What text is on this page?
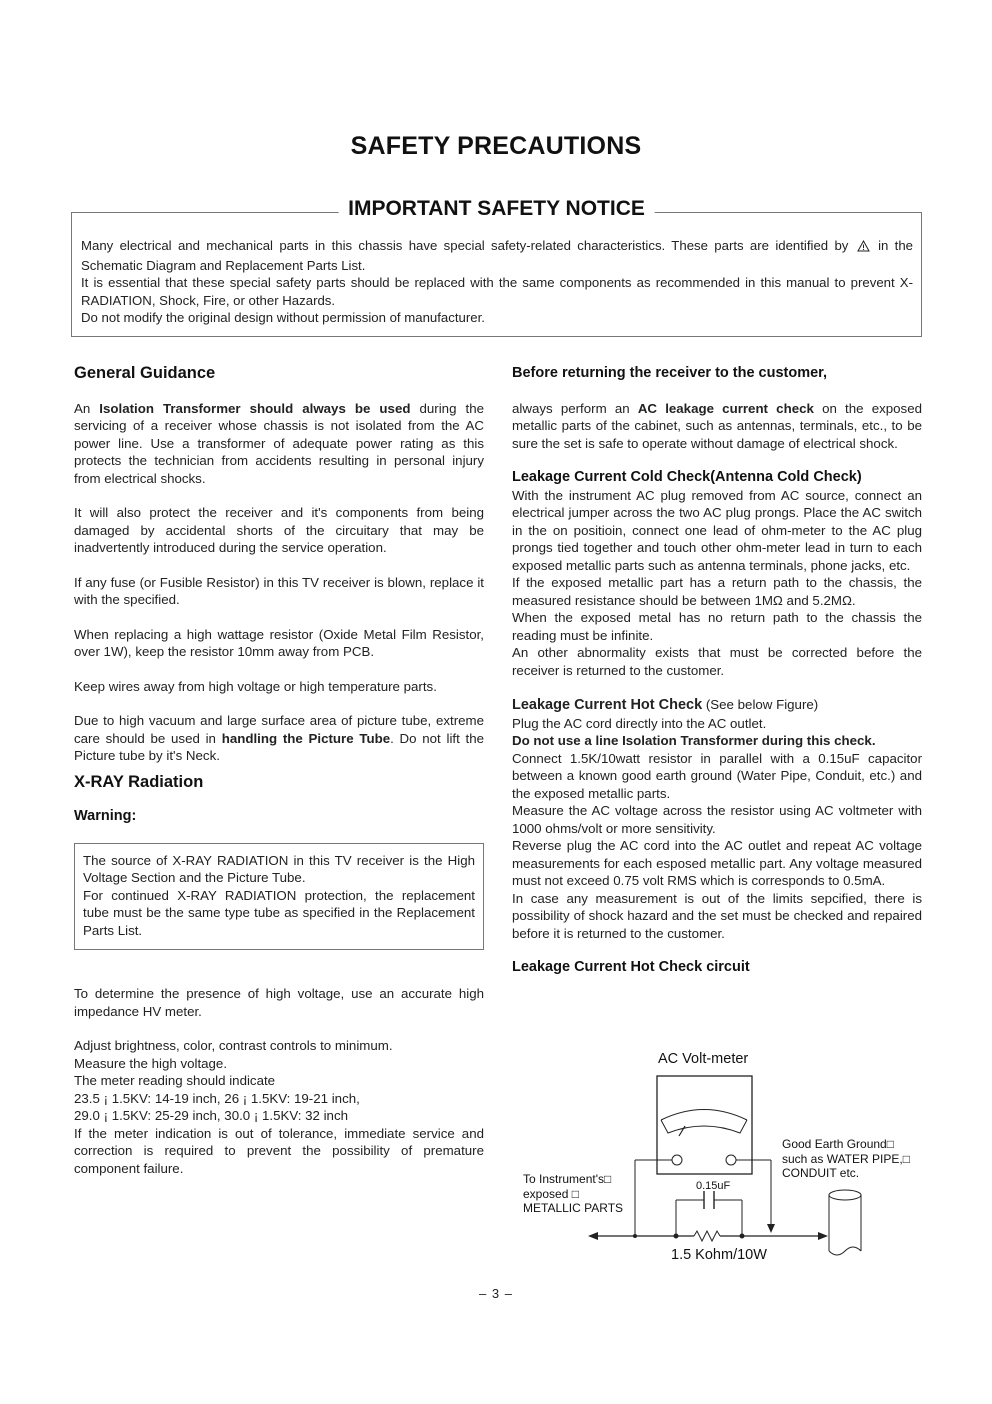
SAFETY PRECAUTIONS
IMPORTANT SAFETY NOTICE

Many electrical and mechanical parts in this chassis have special safety-related characteristics. These parts are identified by in the Schematic Diagram and Replacement Parts List.

It is essential that these special safety parts should be replaced with the same components as recommended in this manual to prevent X-RADIATION, Shock, Fire, or other Hazards.

Do not modify the original design without permission of manufacturer.

General Guidance

An Isolation Transformer should always be used during the servicing of a receiver whose chassis is not isolated from the AC power line. Use a transformer of adequate power rating as this protects the technician from accidents resulting in personal injury from electrical shocks.

It will also protect the receiver and it's components from being damaged by accidental shorts of the circuitary that may be inadvertently introduced during the service operation.

If any fuse (or Fusible Resistor) in this TV receiver is blown, replace it with the specified.

When replacing a high wattage resistor (Oxide Metal Film Resistor, over 1W), keep the resistor 10mm away from PCB.

Keep wires away from high voltage or high temperature parts.

Due to high vacuum and large surface area of picture tube, extreme care should be used in handling the Picture Tube. Do not lift the Picture tube by it's Neck.

X-RAY Radiation
Warning:

The source of X-RAY RADIATION in this TV receiver is the High Voltage Section and the Picture Tube.

For continued X-RAY RADIATION protection, the replacement tube must be the same type tube as specified in the Replacement Parts List.

To determine the presence of high voltage, use an accurate high impedance HV meter.

Adjust brightness, color, contrast controls to minimum.

Measure the high voltage.

The meter reading should indicate

23.5 ¡ 1.5KV: 14-19 inch, 26 ¡ 1.5KV: 19-21 inch,

29.0 ¡ 1.5KV: 25-29 inch, 30.0 ¡ 1.5KV: 32 inch

If the meter indication is out of tolerance, immediate service and correction is required to prevent the possibility of premature component failure.

Before returning the receiver to the customer,

always perform an AC leakage current check on the exposed metallic parts of the cabinet, such as antennas, terminals, etc., to be sure the set is safe to operate without damage of electrical shock.

Leakage Current Cold Check(Antenna Cold Check)

With the instrument AC plug removed from AC source, connect an electrical jumper across the two AC plug prongs. Place the AC switch in the on positioin, connect one lead of ohm-meter to the AC plug prongs tied together and touch other ohm-meter lead in turn to each exposed metallic parts such as antenna terminals, phone jacks, etc.

If the exposed metallic part has a return path to the chassis, the measured resistance should be between 1MΩ and 5.2MΩ.

When the exposed metal has no return path to the chassis the reading must be infinite.

An other abnormality exists that must be corrected before the receiver is returned to the customer.

Leakage Current Hot Check (See below Figure)

Plug the AC cord directly into the AC outlet.

Do not use a line Isolation Transformer during this check.

Connect 1.5K/10watt resistor in parallel with a 0.15uF capacitor between a known good earth ground (Water Pipe, Conduit, etc.) and the exposed metallic parts.

Measure the AC voltage across the resistor using AC voltmeter with 1000 ohms/volt or more sensitivity.

Reverse plug the AC cord into the AC outlet and repeat AC voltage measurements for each esposed metallic part. Any voltage measured must not exceed 0.75 volt RMS which is corresponds to 0.5mA.

In case any measurement is out of the limits sepcified, there is possibility of shock hazard and the set must be checked and repaired before it is returned to the customer.

Leakage Current Hot Check circuit
AC Volt-meter
To Instrument's□
exposed □
METALLIC PARTS
Good Earth Ground□
such as WATER PIPE,□
CONDUIT etc.
0.15uF
1.5 Kohm/10W
– 3 –
